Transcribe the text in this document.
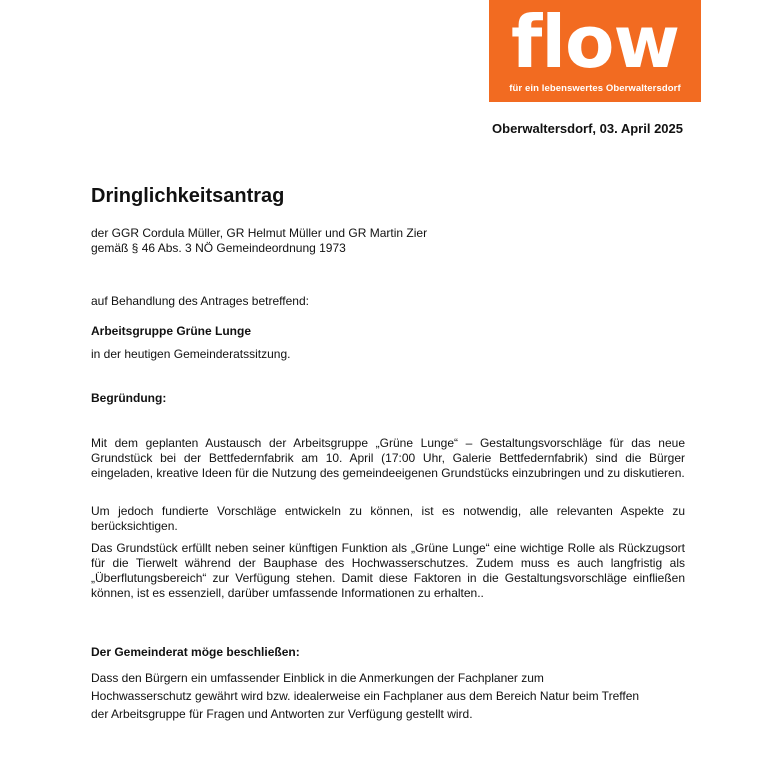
flow
für ein lebenswertes Oberwaltersdorf
Oberwaltersdorf, 03. April 2025
Dringlichkeitsantrag
der GGR Cordula Müller, GR Helmut Müller und GR Martin Zier
gemäß § 46 Abs. 3 NÖ Gemeindeordnung 1973
auf Behandlung des Antrages betreffend:
Arbeitsgruppe Grüne Lunge
in der heutigen Gemeinderatssitzung.
Begründung:
Mit dem geplanten Austausch der Arbeitsgruppe „Grüne Lunge“ – Gestaltungsvorschläge für das neue Grundstück bei der Bettfedernfabrik am 10. April (17:00 Uhr, Galerie Bettfedernfabrik) sind die Bürger eingeladen, kreative Ideen für die Nutzung des gemeindeeigenen Grundstücks einzubringen und zu diskutieren.
Um jedoch fundierte Vorschläge entwickeln zu können, ist es notwendig, alle relevanten Aspekte zu berücksichtigen.
Das Grundstück erfüllt neben seiner künftigen Funktion als „Grüne Lunge“ eine wichtige Rolle als Rückzugsort für die Tierwelt während der Bauphase des Hochwasserschutzes. Zudem muss es auch langfristig als „Überflutungsbereich“ zur Verfügung stehen. Damit diese Faktoren in die Gestaltungsvorschläge einfließen können, ist es essenziell, darüber umfassende Informationen zu erhalten..
Der Gemeinderat möge beschließen:
Dass den Bürgern ein umfassender Einblick in die Anmerkungen der Fachplaner zum
Hochwasserschutz gewährt wird bzw. idealerweise ein Fachplaner aus dem Bereich Natur beim Treffen
der Arbeitsgruppe für Fragen und Antworten zur Verfügung gestellt wird.
